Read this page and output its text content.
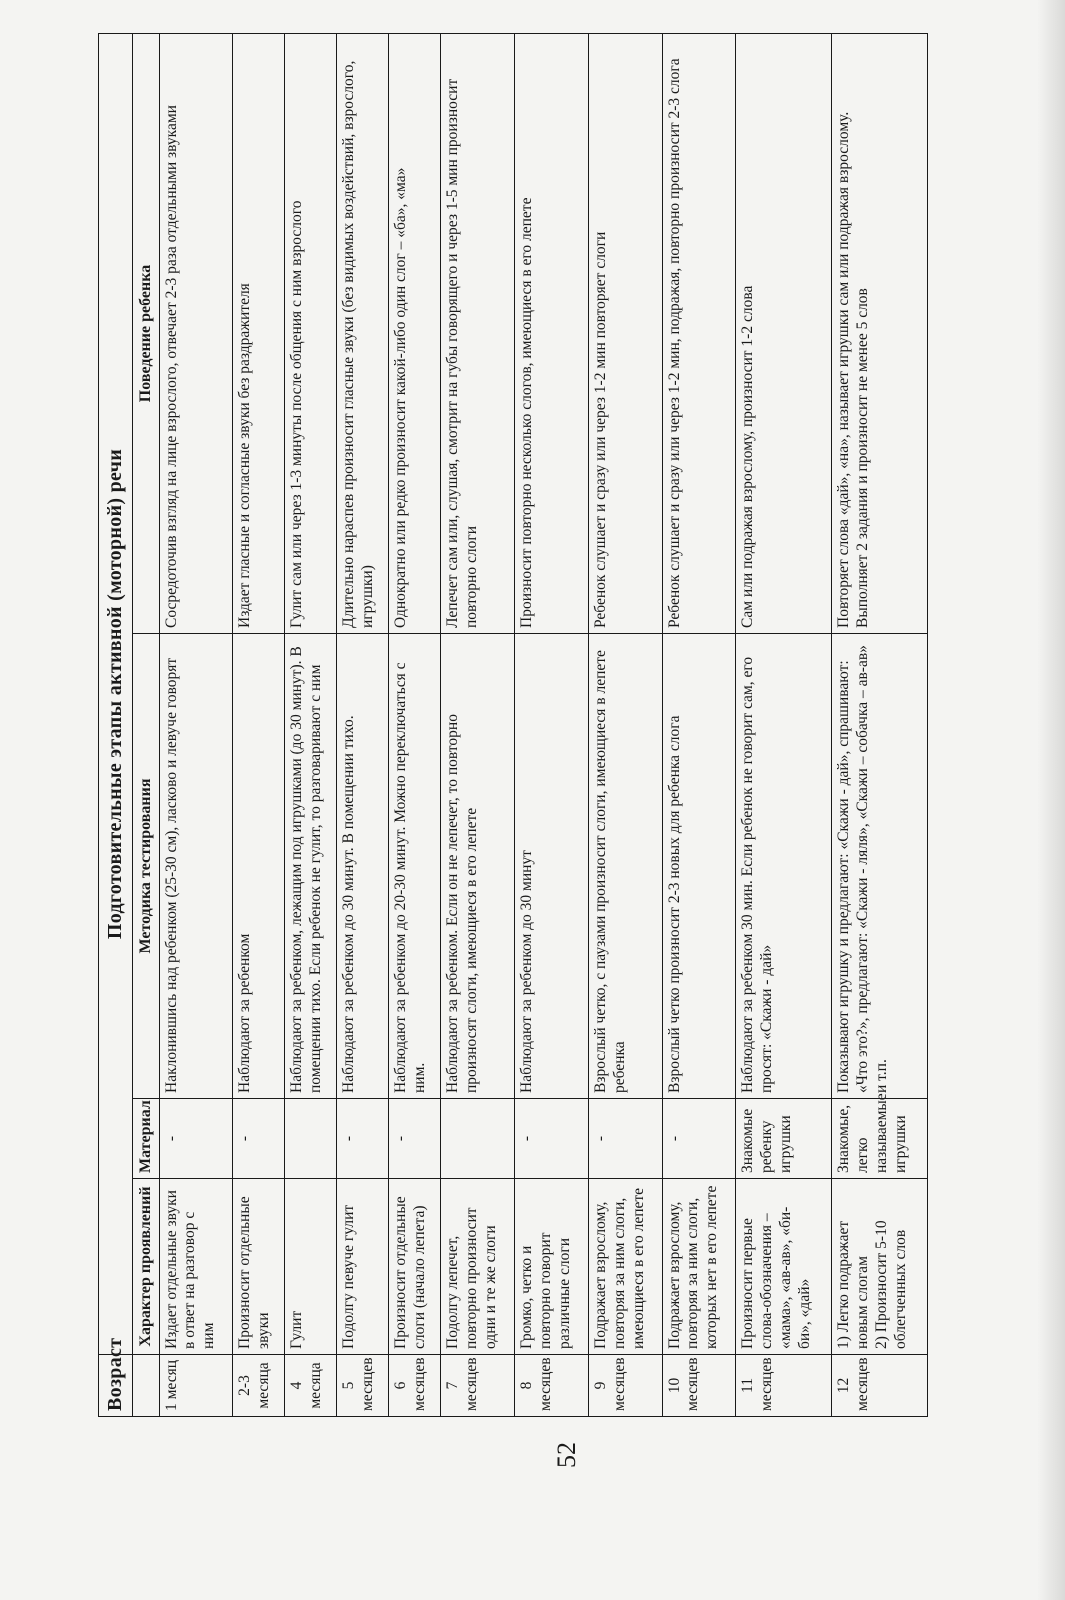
52
Возраст	Подготовительные этапы активной (моторной) речи			
	Характер проявлений	Материал	Методика тестирования	Поведение ребенка
1 месяц	Издает отдельные звуки в ответ на разговор с ним	-	Наклонившись над ребенком (25-30 см), ласково и левуче говорят	Сосредоточив взгляд на лице взрослого, отвечает 2-3 раза отдельными звуками
2-3 месяца	Произносит отдельные звуки	-	Наблюдают за ребенком	Издает гласные и согласные звуки без раздражителя
4 месяца	Гулит		Наблюдают за ребенком, лежащим под игрушками (до 30 минут). В помещении тихо. Если ребенок не гулит, то разговаривают с ним	Гулит сам или через 1-3 минуты после общения с ним взрослого
5 месяцев	Подолгу певуче гулит	-	Наблюдают за ребенком до 30 минут. В помещении тихо.	Длительно нараспев произносит гласные звуки (без видимых воздействий, взрослого, игрушки)
6 месяцев	Произносит отдельные слоги (начало лепета)	-	Наблюдают за ребенком до 20-30 минут. Можно переключаться с ним.	Однократно или редко произносит какой-либо один слог – «ба», «ма»
7 месяцев	Подолгу лепечет, повторно произносит одни и те же слоги		Наблюдают за ребенком. Если он не лепечет, то повторно произносят слоги, имеющиеся в его лепете	Лепечет сам или, слушая, смотрит на губы говорящего и через 1-5 мин произносит повторно слоги
8 месяцев	Громко, четко и повторно говорит различные слоги	-	Наблюдают за ребенком до 30 минут	Произносит повторно несколько слогов, имеющиеся в его лепете
9 месяцев	Подражает взрослому, повторяя за ним слоги, имеющиеся в его лепете	-	Взрослый четко, с паузами произносит слоги, имеющиеся в лепете ребенка	Ребенок слушает и сразу или через 1-2 мин повторяет слоги
10 месяцев	Подражает взрослому, повторяя за ним слоги, которых нет в его лепете	-	Взрослый четко произносит 2-3 новых для ребенка слога	Ребенок слушает и сразу или через 1-2 мин, подражая, повторно произносит 2-3 слога
11 месяцев	Произносит первые слова-обозначения – «мама», «ав-ав», «би-би», «дай»	Знакомые ребенку игрушки	Наблюдают за ребенком 30 мин. Если ребенок не говорит сам, его просят: «Скажи - дай»	Сам или подражая взрослому, произносит 1-2 слова
12 месяцев	1) Легко подражает новым слогам 2) Произносит 5-10 облегченных слов	Знакомые, легко называемые игрушки	Показывают игрушку и предлагают: «Скажи - дай», спрашивают: «Что это?», предлагают: «Скажи - ляля», «Скажи – собачка – ав-ав» и т.п.	Повторяет слова «дай», «на», называет игрушки сам или подражая взрослому. Выполняет 2 задания и произносит не менее 5 слов
